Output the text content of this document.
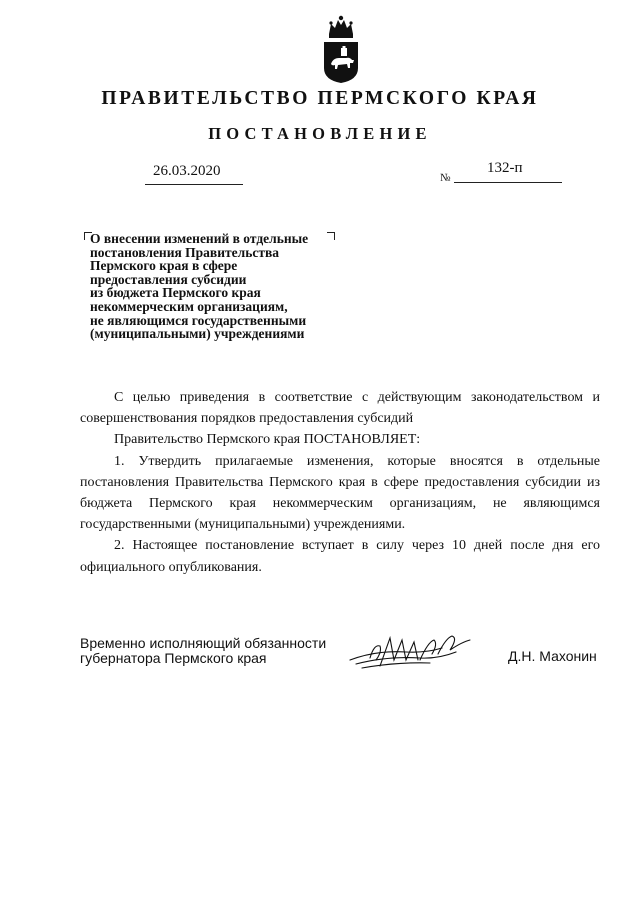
ПРАВИТЕЛЬСТВО ПЕРМСКОГО КРАЯ
ПОСТАНОВЛЕНИЕ
26.03.2020	№
132-п
О внесении изменений в отдельные
постановления Правительства
Пермского края в сфере
предоставления субсидии
из бюджета Пермского края
некоммерческим организациям,
не являющимся государственными
(муниципальными) учреждениями
С целью приведения в соответствие с действующим законодательством и совершенствования порядков предоставления субсидий
Правительство Пермского края ПОСТАНОВЛЯЕТ:
1. Утвердить прилагаемые изменения, которые вносятся в отдельные постановления Правительства Пермского края в сфере предоставления субсидии из бюджета Пермского края некоммерческим организациям, не являющимся государственными (муниципальными) учреждениями.
2. Настоящее постановление вступает в силу через 10 дней после дня его официального опубликования.
Временно исполняющий обязанности
губернатора Пермского края	Д.Н. Махонин
